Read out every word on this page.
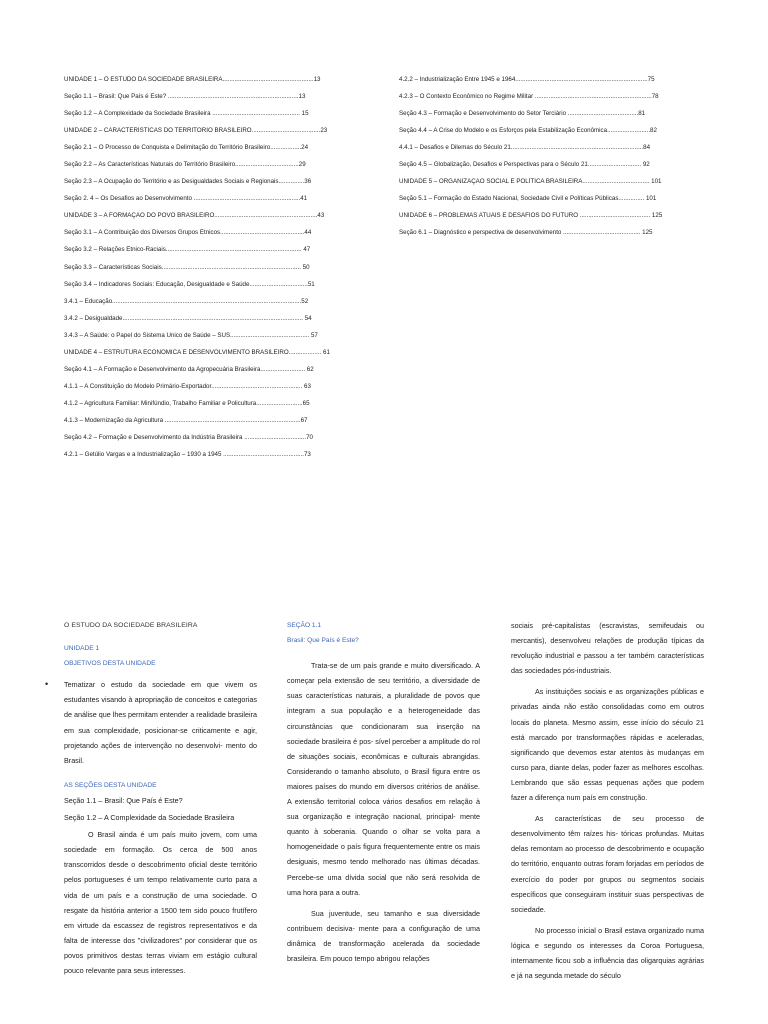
UNIDADE 1 – O ESTUDO DA SOCIEDADE BRASILEIRA.....................................................13
Seção 1.1 – Brasil: Que País é Este? ............................................................................13
Seção 1.2 – A Complexidade da Sociedade Brasileira ................................................... 15
UNIDADE 2 – CARACTERÍSTICAS DO TERRITÓRIO BRASILEIRO........................................23
Seção 2.1 – O Processo de Conquista e Delimitação do Território Brasileiro..................24
Seção 2.2 – As Características Naturais do Território Brasileiro.....................................29
Seção 2.3 – A Ocupação do Território e as Desigualdades Sociais e Regionais...............36
Seção 2. 4 – Os Desafios ao Desenvolvimento ..............................................................41
UNIDADE 3 – A FORMAÇÃO DO POVO BRASILEIRO............................................................43
Seção 3.1 – A Contribuição dos Diversos Grupos Étnicos.................................................44
Seção 3.2 – Relações Étnico-Raciais............................................................................... 47
Seção 3.3 – Características Sociais................................................................................. 50
Seção 3.4 – Indicadores Sociais: Educação, Desigualdade e Saúde..................................51
3.4.1 – Educação..............................................................................................................52
3.4.2 – Desigualdade......................................................................................................... 54
3.4.3 – A Saúde: o Papel do Sistema Único de Saúde – SUS.............................................. 57
UNIDADE 4 – ESTRUTURA ECONÔMICA E DESENVOLVIMENTO BRASILEIRO................... 61
Seção 4.1 – A Formação e Desenvolvimento da Agropecuária Brasileira.......................... 62
4.1.1 – A Constituição do Modelo Primário-Exportador..................................................... 63
4.1.2 – Agricultura Familiar: Minifúndio, Trabalho Familiar e Policultura...........................65
4.1.3 – Modernização da Agricultura ...............................................................................67
Seção 4.2 – Formação e Desenvolvimento da Indústria Brasileira ....................................70
4.2.1 – Getúlio Vargas e a Industrialização – 1930 a 1945 ...............................................73
4.2.2 – Industrialização Entre 1945 e 1964.............................................................................75
4.2.3 – O Contexto Econômico no Regime Militar ....................................................................78
Seção 4.3 – Formação e Desenvolvimento do Setor Terciário .........................................81
Seção 4.4 – A Crise do Modelo e os Esforços pela Estabilização Econômica.........................82
4.4.1 – Desafios e Dilemas do Século 21.............................................................................84
Seção 4.5 – Globalização, Desafios e Perspectivas para o Século 21............................... 92
UNIDADE 5 – ORGANIZAÇÃO SOCIAL E POLÍTICA BRASILEIRA....................................... 101
Seção 5.1 – Formação do Estado Nacional, Sociedade Civil e Políticas Públicas............... 101
UNIDADE 6 – PROBLEMAS ATUAIS E DESAFIOS DO FUTURO ......................................... 125
Seção 6.1 – Diagnóstico e perspectiva de desenvolvimento ............................................. 125

O ESTUDO DA SOCIEDADE BRASILEIRA

UNIDADE 1

OBJETIVOS DESTA UNIDADE

• Tematizar o estudo da sociedade em que vivem os estudantes visando à apropriação de conceitos e categorias de análise que lhes permitam entender a realidade brasileira em sua complexidade, posicionar-se criticamente e agir, projetando ações de intervenção no desenvolvi- mento do Brasil.

AS SEÇÕES DESTA UNIDADE

Seção 1.1 – Brasil: Que País é Este?

Seção 1.2 – A Complexidade da Sociedade Brasileira

O Brasil ainda é um país muito jovem, com uma sociedade em formação. Os cerca de 500 anos transcorridos desde o descobrimento oficial deste território pelos portugueses é um tempo relativamente curto para a vida de um país e a construção de uma sociedade. O resgate da história anterior a 1500 tem sido pouco frutífero em virtude da escassez de registros representativos e da falta de interesse dos "civilizadores" por considerar que os povos primitivos destas terras viviam em estágio cultural pouco relevante para seus interesses.

SEÇÃO 1.1

Brasil: Que País é Este?

Trata-se de um país grande e muito diversificado. A começar pela extensão de seu território, a diversidade de suas características naturais, a pluralidade de povos que integram a sua população e a heterogeneidade das circunstâncias que condicionaram sua inserção na sociedade brasileira é pos- sível perceber a amplitude do rol de situações sociais, econômicas e culturais abrangidas. Considerando o tamanho absoluto, o Brasil figura entre os maiores países do mundo em diversos critérios de análise. A extensão territorial coloca vários desafios em relação à sua organização e integração nacional, principal- mente quanto à soberania. Quando o olhar se volta para a homogeneidade o país figura frequentemente entre os mais desiguais, mesmo tendo melhorado nas últimas décadas. Percebe-se uma dívida social que não será resolvida de uma hora para a outra.

Sua juventude, seu tamanho e sua diversidade contribuem decisiva- mente para a configuração de uma dinâmica de transformação acelerada da sociedade brasileira. Em pouco tempo abrigou relações

sociais pré-capitalistas (escravistas, semifeudais ou mercantis), desenvolveu relações de produção típicas da revolução industrial e passou a ter também características das sociedades pós-industriais.

As instituições sociais e as organizações públicas e privadas ainda não estão consolidadas como em outros locais do planeta. Mesmo assim, esse início do século 21 está marcado por transformações rápidas e aceleradas, significando que devemos estar atentos às mudanças em curso para, diante delas, poder fazer as melhores escolhas. Lembrando que são essas pequenas ações que podem fazer a diferença num país em construção.

As características de seu processo de desenvolvimento têm raízes his- tóricas profundas. Muitas delas remontam ao processo de descobrimento e ocupação do território, enquanto outras foram forjadas em períodos de exercício do poder por grupos ou segmentos sociais específicos que conseguiram instituir suas perspectivas de sociedade.

No processo inicial o Brasil estava organizado numa lógica e segundo os interesses da Coroa Portuguesa, internamente ficou sob a influência das oligarquias agrárias e já na segunda metade do século
